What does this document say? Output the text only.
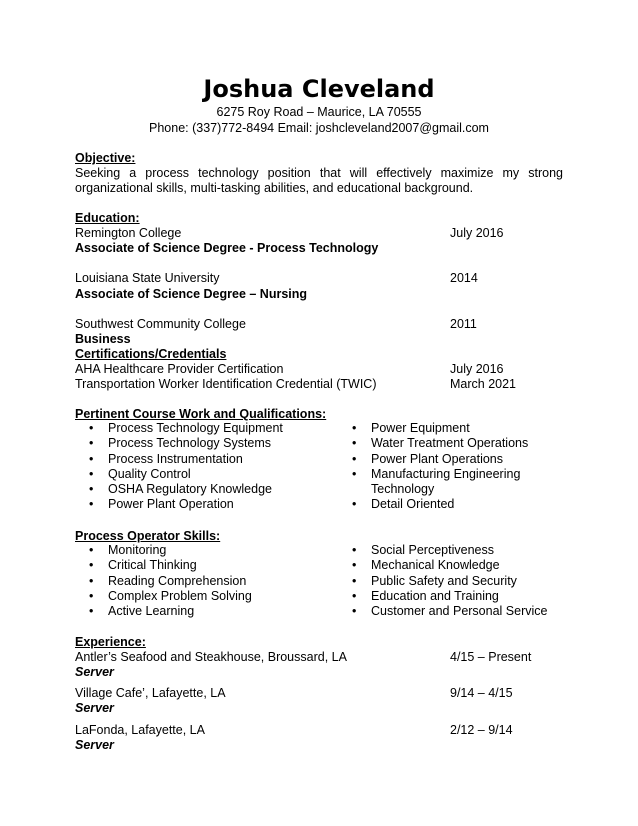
Joshua Cleveland
6275 Roy Road – Maurice, LA 70555
Phone: (337)772-8494 Email: joshcleveland2007@gmail.com
Objective:
Seeking a process technology position that will effectively maximize my strong
organizational skills, multi-tasking abilities, and educational background.
Education:
Remington College	July 2016
Associate of Science Degree - Process Technology
Louisiana State University	2014
Associate of Science Degree – Nursing
Southwest Community College	2011
Business
Certifications/Credentials
AHA Healthcare Provider Certification	July 2016
Transportation Worker Identification Credential (TWIC)	March 2021
Pertinent Course Work and Qualifications:
• Process Technology Equipment
• Process Technology Systems
• Process Instrumentation
• Quality Control
• OSHA Regulatory Knowledge
• Power Plant Operation
• Power Equipment
• Water Treatment Operations
• Power Plant Operations
• Manufacturing Engineering
Technology
• Detail Oriented
Process Operator Skills:
• Monitoring
• Critical Thinking
• Reading Comprehension
• Complex Problem Solving
• Active Learning
• Social Perceptiveness
• Mechanical Knowledge
• Public Safety and Security
• Education and Training
• Customer and Personal Service
Experience:
Antler’s Seafood and Steakhouse, Broussard, LA	4/15 – Present
Server
Village Cafe’, Lafayette, LA	9/14 – 4/15
Server
LaFonda, Lafayette, LA	2/12 – 9/14
Server
